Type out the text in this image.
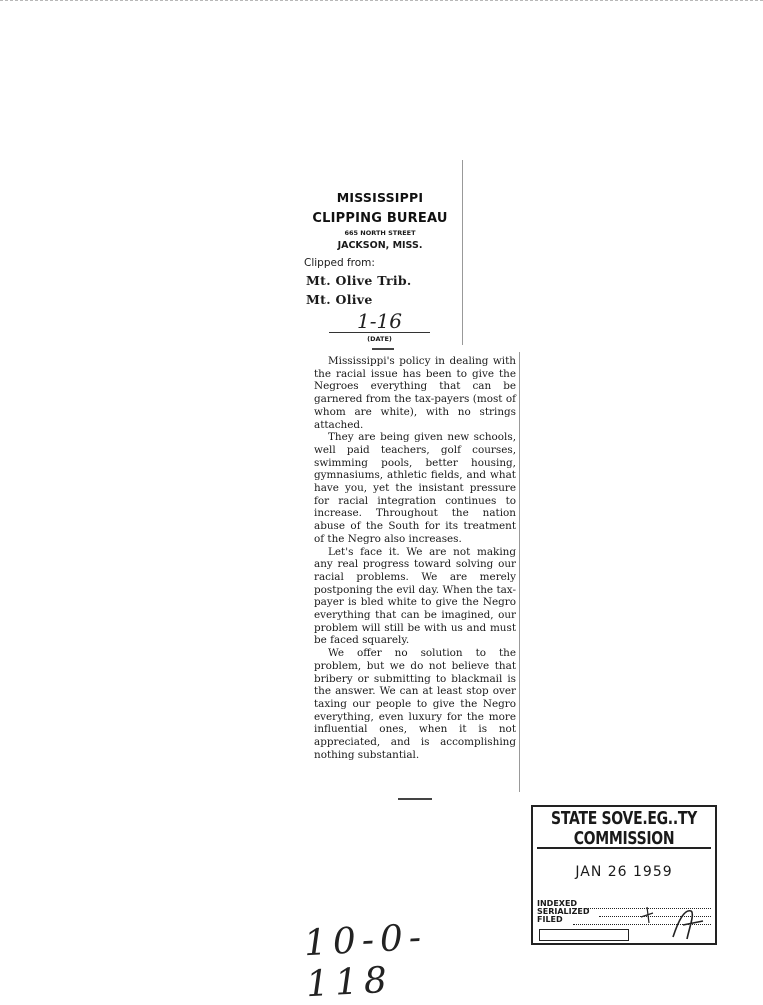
MISSISSIPPI
CLIPPING BUREAU
665 NORTH STREET
JACKSON, MISS.
Clipped from:
Mt. Olive Trib.
Mt. Olive
1-16
(DATE)

Mississippi's policy in dealing with the racial issue has been to give the Negroes everything that can be garnered from the tax-payers (most of whom are white), with no strings attached.

They are being given new schools, well paid teachers, golf courses, swimming pools, better housing, gymnasiums, athletic fields, and what have you, yet the insistant pressure for racial integration continues to increase. Throughout the nation abuse of the South for its treatment of the Negro also increases.

Let's face it. We are not making any real progress toward solving our racial problems. We are merely postponing the evil day. When the tax-payer is bled white to give the Negro everything that can be imagined, our problem will still be with us and must be faced squarely.

We offer no solution to the problem, but we do not believe that bribery or submitting to blackmail is the answer. We can at least stop over taxing our people to give the Negro everything, even luxury for the more influential ones, when it is not appreciated, and is accomplishing nothing substantial.

STATE SOVE.EG..TY COMMISSION
JAN 26 1959
INDEXED
SERIALIZED
FILED
10-0-118
